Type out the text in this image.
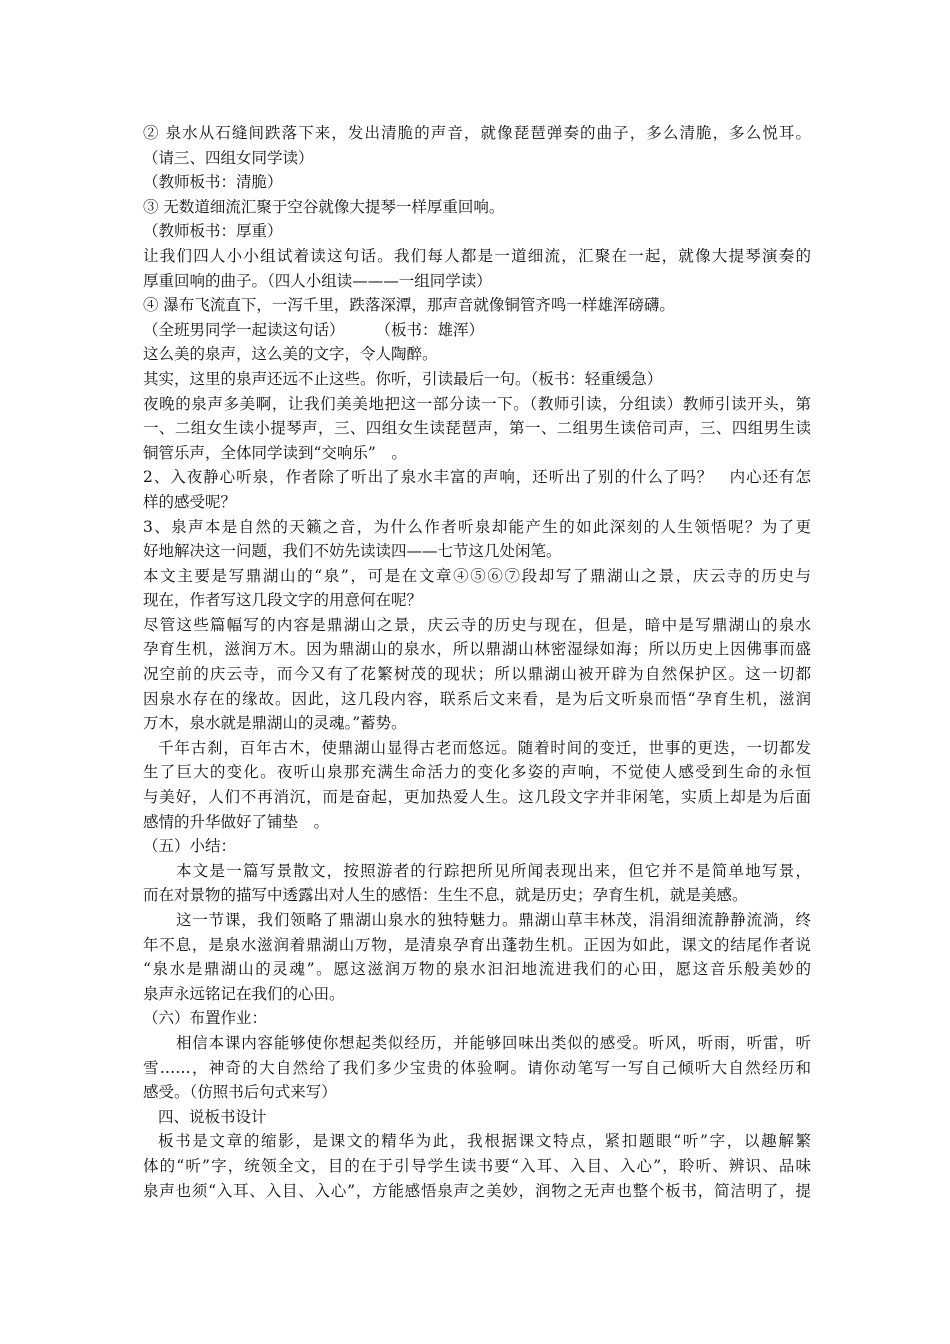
② 泉水从石缝间跌落下来，发出清脆的声音，就像琵琶弹奏的曲子，多么清脆，多么悦耳。
（请三、四组女同学读）
（教师板书：清脆）
③ 无数道细流汇聚于空谷就像大提琴一样厚重回响。
（教师板书：厚重）
让我们四人小小组试着读这句话。我们每人都是一道细流，汇聚在一起，就像大提琴演奏的
厚重回响的曲子。（四人小组读———一组同学读）
④ 瀑布飞流直下，一泻千里，跌落深潭，那声音就像铜管齐鸣一样雄浑磅礴。
（全班男同学一起读这句话）　　　（板书：雄浑）
这么美的泉声，这么美的文字，令人陶醉。
其实，这里的泉声还远不止这些。你听，引读最后一句。（板书：轻重缓急）
夜晚的泉声多美啊，让我们美美地把这一部分读一下。（教师引读，分组读）教师引读开头，第
一、二组女生读小提琴声，三、四组女生读琵琶声，第一、二组男生读倍司声，三、四组男生读
铜管乐声，全体同学读到“交响乐”　。
2、入夜静心听泉，作者除了听出了泉水丰富的声响，还听出了别的什么了吗？　内心还有怎
样的感受呢？
3、泉声本是自然的天籁之音，为什么作者听泉却能产生的如此深刻的人生领悟呢？为了更
好地解决这一问题，我们不妨先读读四——七节这几处闲笔。
本文主要是写鼎湖山的“泉”，可是在文章④⑤⑥⑦段却写了鼎湖山之景，庆云寺的历史与
现在，作者写这几段文字的用意何在呢？
尽管这些篇幅写的内容是鼎湖山之景，庆云寺的历史与现在，但是，暗中是写鼎湖山的泉水
孕育生机，滋润万木。因为鼎湖山的泉水，所以鼎湖山林密湿绿如海；所以历史上因佛事而盛
况空前的庆云寺，而今又有了花繁树茂的现状；所以鼎湖山被开辟为自然保护区。这一切都
因泉水存在的缘故。因此，这几段内容，联系后文来看，是为后文听泉而悟“孕育生机，滋润
万木，泉水就是鼎湖山的灵魂。”蓄势。
千年古刹，百年古木，使鼎湖山显得古老而悠远。随着时间的变迁，世事的更迭，一切都发
生了巨大的变化。夜听山泉那充满生命活力的变化多姿的声响，不觉使人感受到生命的永恒
与美好，人们不再消沉，而是奋起，更加热爱人生。这几段文字并非闲笔，实质上却是为后面
感情的升华做好了铺垫　。
（五）小结：
本文是一篇写景散文，按照游者的行踪把所见所闻表现出来，但它并不是简单地写景，
而在对景物的描写中透露出对人生的感悟：生生不息，就是历史；孕育生机，就是美感。
这一节课，我们领略了鼎湖山泉水的独特魅力。鼎湖山草丰林茂，涓涓细流静静流淌，终
年不息，是泉水滋润着鼎湖山万物，是清泉孕育出蓬勃生机。正因为如此，课文的结尾作者说
“泉水是鼎湖山的灵魂”。愿这滋润万物的泉水汩汩地流进我们的心田，愿这音乐般美妙的
泉声永远铭记在我们的心田。
（六）布置作业：
相信本课内容能够使你想起类似经历，并能够回味出类似的感受。听风，听雨，听雷，听
雪……，神奇的大自然给了我们多少宝贵的体验啊。请你动笔写一写自己倾听大自然经历和
感受。（仿照书后句式来写）
四、说板书设计
板书是文章的缩影，是课文的精华为此，我根据课文特点，紧扣题眼“听”字，以趣解繁
体的“听”字，统领全文，目的在于引导学生读书要“入耳、入目、入心”，聆听、辨识、品味
泉声也须“入耳、入目、入心”，方能感悟泉声之美妙，润物之无声也整个板书，简洁明了，提
